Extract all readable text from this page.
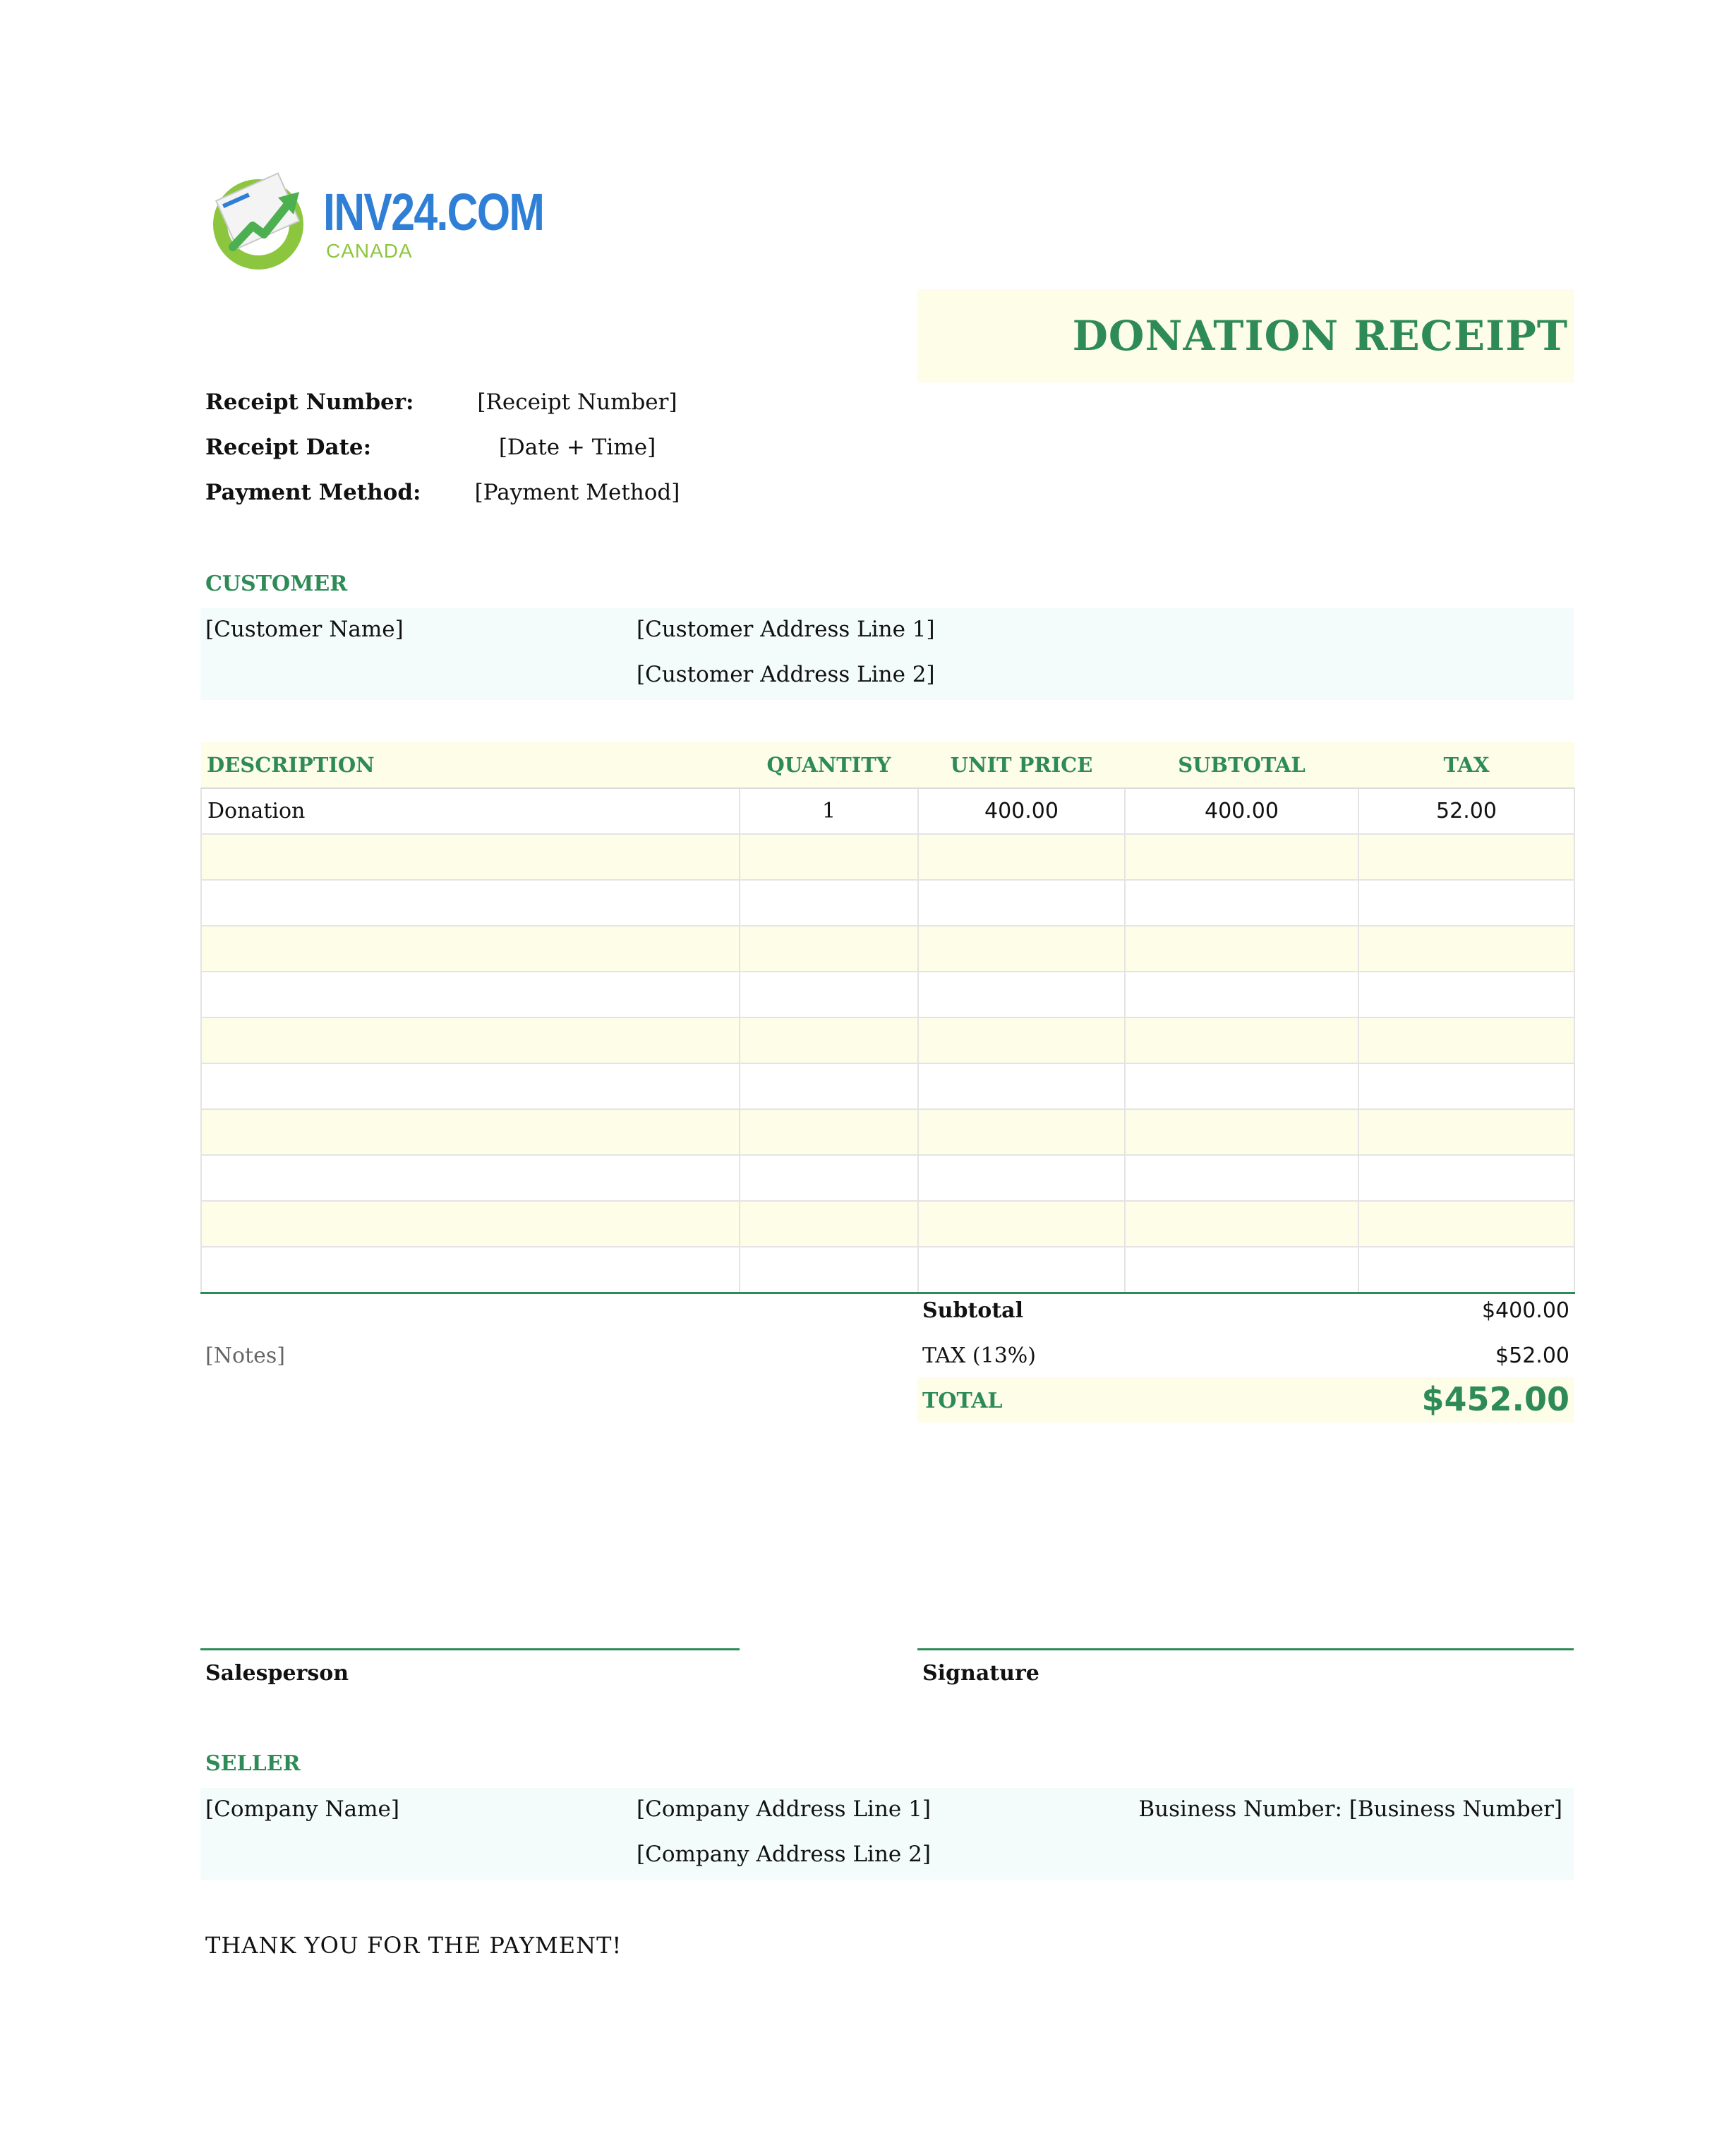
INV24.COM
CANADA
DONATION RECEIPT
Receipt Number:	[Receipt Number]
Receipt Date:	[Date + Time]
Payment Method:	[Payment Method]
CUSTOMER
[Customer Name]	[Customer Address Line 1]
[Customer Address Line 2]
DESCRIPTION	QUANTITY	UNIT PRICE	SUBTOTAL	TAX
Donation	1	400.00	400.00	52.00

[Notes]
Subtotal	$400.00
TAX (13%)	$52.00
TOTAL	$452.00
Salesperson	Signature
SELLER
[Company Name]	[Company Address Line 1]
[Company Address Line 2]
Business Number: [Business Number]
THANK YOU FOR THE PAYMENT!
